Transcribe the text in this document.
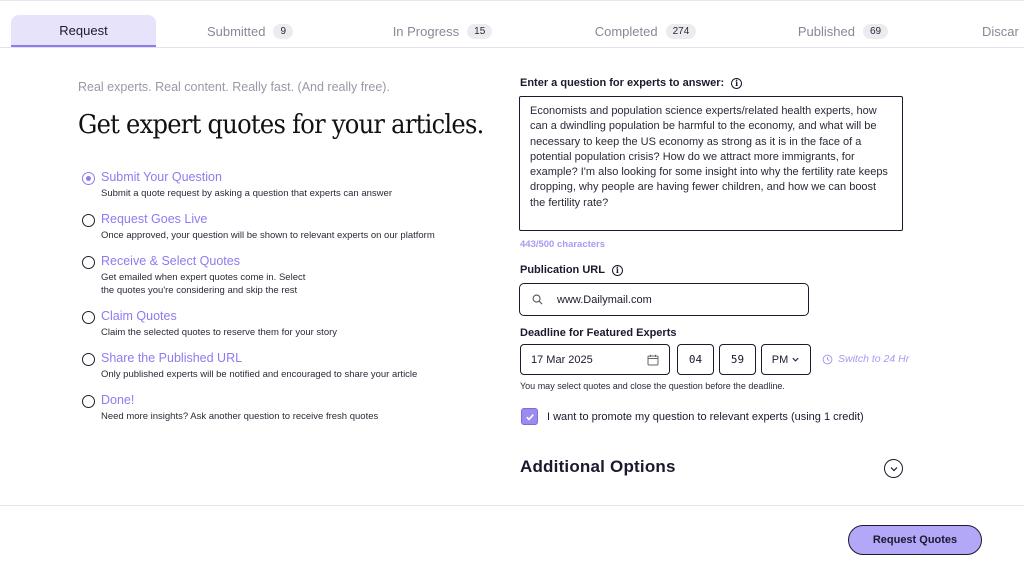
Request	Submitted	9	In Progress	15	Completed	274	Published	69	Discar
Real experts. Real content. Really fast. (And really free).
Get expert quotes for your articles.
Submit Your Question
Submit a quote request by asking a question that experts can answer
Request Goes Live
Once approved, your question will be shown to relevant experts on our platform
Receive & Select Quotes
Get emailed when expert quotes come in. Select
the quotes you're considering and skip the rest
Claim Quotes
Claim the selected quotes to reserve them for your story
Share the Published URL
Only published experts will be notified and encouraged to share your article
Done!
Need more insights? Ask another question to receive fresh quotes
Enter a question for experts to answer:	i
Economists and population science experts/related health experts, how can a dwindling population be harmful to the economy, and what will be necessary to keep the US economy as strong as it is in the face of a potential population crisis? How do we attract more immigrants, for example? I'm also looking for some insight into why the fertility rate keeps dropping, why people are having fewer children, and how we can boost the fertility rate?
443/500 characters
Publication URL	i
www.Dailymail.com
Deadline for Featured Experts
17 Mar 2025	04	59	PM	Switch to 24 Hr
You may select quotes and close the question before the deadline.
I want to promote my question to relevant experts (using 1 credit)
Additional Options
Request Quotes
